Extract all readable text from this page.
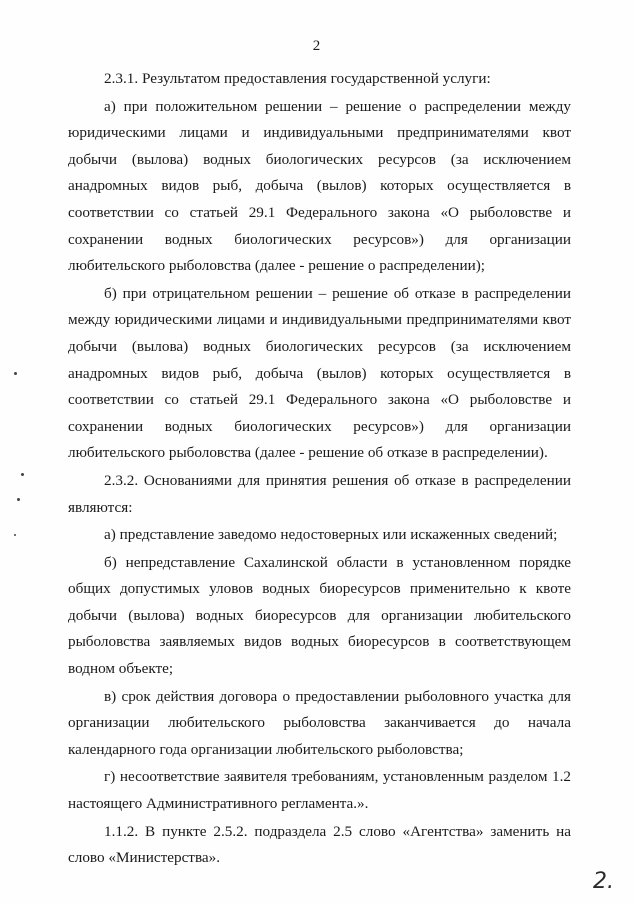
2

2.3.1. Результатом предоставления государственной услуги:

а) при положительном решении – решение о распределении между юридическими лицами и индивидуальными предпринимателями квот добычи (вылова) водных биологических ресурсов (за исключением анадромных видов рыб, добыча (вылов) которых осуществляется в соответствии со статьей 29.1 Федерального закона «О рыболовстве и сохранении водных биологических ресурсов») для организации любительского рыболовства (далее - решение о распределении);

б) при отрицательном решении – решение об отказе в распределении между юридическими лицами и индивидуальными предпринимателями квот добычи (вылова) водных биологических ресурсов (за исключением анадромных видов рыб, добыча (вылов) которых осуществляется в соответствии со статьей 29.1 Федерального закона «О рыболовстве и сохранении водных биологических ресурсов») для организации любительского рыболовства (далее - решение об отказе в распределении).

2.3.2. Основаниями для принятия решения об отказе в распределении являются:

а) представление заведомо недостоверных или искаженных сведений;

б) непредставление Сахалинской области в установленном порядке общих допустимых уловов водных биоресурсов применительно к квоте добычи (вылова) водных биоресурсов для организации любительского рыболовства заявляемых видов водных биоресурсов в соответствующем водном объекте;

в) срок действия договора о предоставлении рыболовного участка для организации любительского рыболовства заканчивается до начала календарного года организации любительского рыболовства;

г) несоответствие заявителя требованиям, установленным разделом 1.2 настоящего Административного регламента.».

1.1.2. В пункте 2.5.2. подраздела 2.5 слово «Агентства» заменить на слово «Министерства».

2.
